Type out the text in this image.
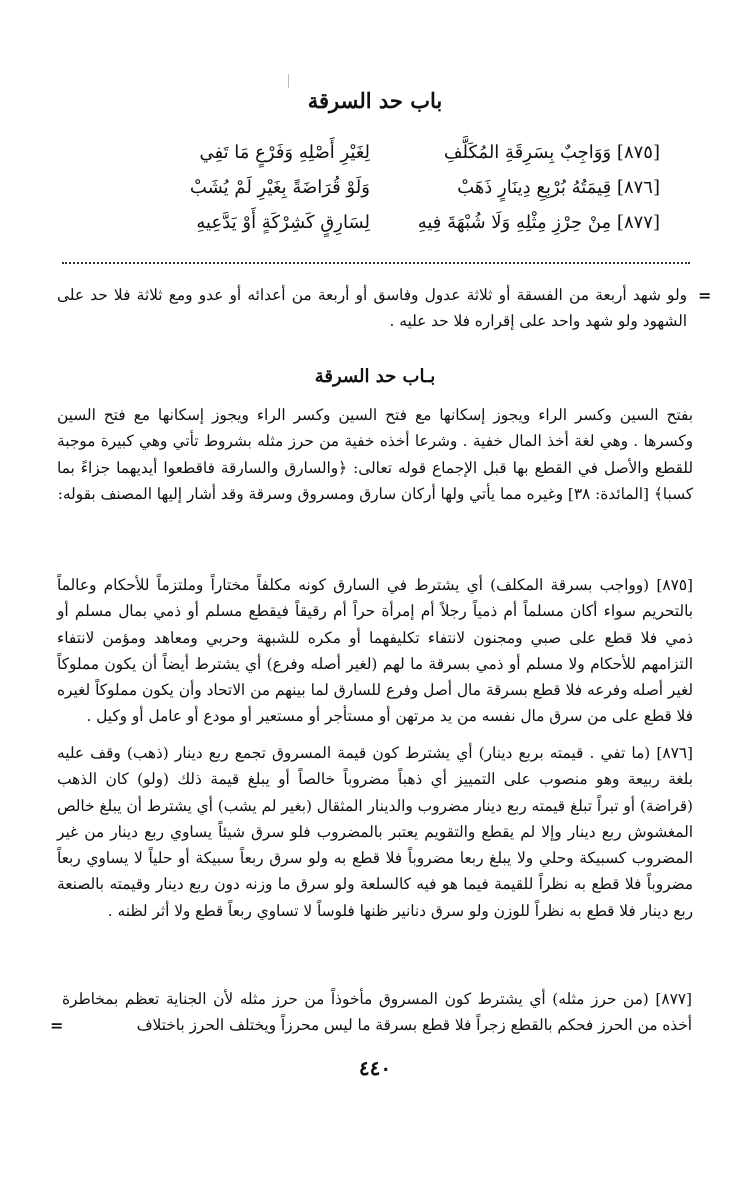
باب حد السرقة
[٨٧٥] وَوَاجِبٌ بِسَرِقَةِ المُكَلَّفِ
لِغَيْرِ أَصْلِهِ وَفَرْعٍ مَا تَفِي
[٨٧٦] قِيمَتُهُ بُرْبِعِ دِينَارٍ ذَهَبْ
وَلَوْ قُرَاضَةً بِغَيْرِ لَمْ يُشَبْ
[٨٧٧] مِنْ حِرْزِ مِثْلِهِ وَلَا شُبْهَةَ فِيهِ
لِسَارِقٍ كَشِرْكَةٍ أَوْ يَدَّعِيهِ
=
ولو شهد أربعة من الفسقة أو ثلاثة عدول وفاسق أو أربعة من أعدائه أو عدو ومع ثلاثة فلا حد على الشهود ولو شهد واحد على إقراره فلا حد عليه .
بـاب حد السرقة
بفتح السين وكسر الراء ويجوز إسكانها مع فتح السين وكسر الراء ويجوز إسكانها مع فتح السين وكسرها . وهي لغة أخذ المال خفية . وشرعا أخذه خفية من حرز مثله بشروط تأتي وهي كبيرة موجبة للقطع والأصل في القطع بها قبل الإجماع قوله تعالى: ﴿والسارق والسارقة فاقطعوا أيديهما جزاءً بما كسبا﴾ [المائدة: ٣٨] وغيره مما يأتي ولها أركان سارق ومسروق وسرقة وقد أشار إليها المصنف بقوله:
[٨٧٥] (وواجب بسرقة المكلف) أي يشترط في السارق كونه مكلفاً مختاراً وملتزماً للأحكام وعالماً بالتحريم سواء أكان مسلماً أم ذمياً رجلاً أم إمرأة حراً أم رقيقاً فيقطع مسلم أو ذمي بمال مسلم أو ذمي فلا قطع على صبي ومجنون لانتفاء تكليفهما أو مكره للشبهة وحربي ومعاهد ومؤمن لانتفاء التزامهم للأحكام ولا مسلم أو ذمي بسرقة ما لهم (لغير أصله وفرع) أي يشترط أيضاً أن يكون مملوكاً لغير أصله وفرعه فلا قطع بسرقة مال أصل وفرع للسارق لما بينهم من الاتحاد وأن يكون مملوكاً لغيره فلا قطع على من سرق مال نفسه من يد مرتهن أو مستأجر أو مستعير أو مودع أو عامل أو وكيل .
[٨٧٦] (ما تفي . قيمته بربع دينار) أي يشترط كون قيمة المسروق تجمع ربع دينار (ذهب) وقف عليه بلغة ربيعة وهو منصوب على التمييز أي ذهباً مضروباً خالصاً أو يبلغ قيمة ذلك (ولو) كان الذهب (قراضة) أو تبراً تبلغ قيمته ربع دينار مضروب والدينار المثقال (بغير لم يشب) أي يشترط أن يبلغ خالص المغشوش ربع دينار وإلا لم يقطع والتقويم يعتبر بالمضروب فلو سرق شيئاً يساوي ربع دينار من غير المضروب كسبيكة وحلي ولا يبلغ ربعا مضروباً فلا قطع به ولو سرق ربعاً سبيكة أو حلياً لا يساوي ربعاً مضروباً فلا قطع به نظراً للقيمة فيما هو فيه كالسلعة ولو سرق ما وزنه دون ربع دينار وقيمته بالصنعة ربع دينار فلا قطع به نظراً للوزن ولو سرق دنانير ظنها فلوساً لا تساوي ربعاً قطع ولا أثر لظنه .
[٨٧٧] (من حرز مثله) أي يشترط كون المسروق مأخوذاً من حرز مثله لأن الجناية تعظم بمخاطرة أخذه من الحرز فحكم بالقطع زجراً فلا قطع بسرقة ما ليس محرزاً ويختلف الحرز باختلاف
=
٤٤٠
